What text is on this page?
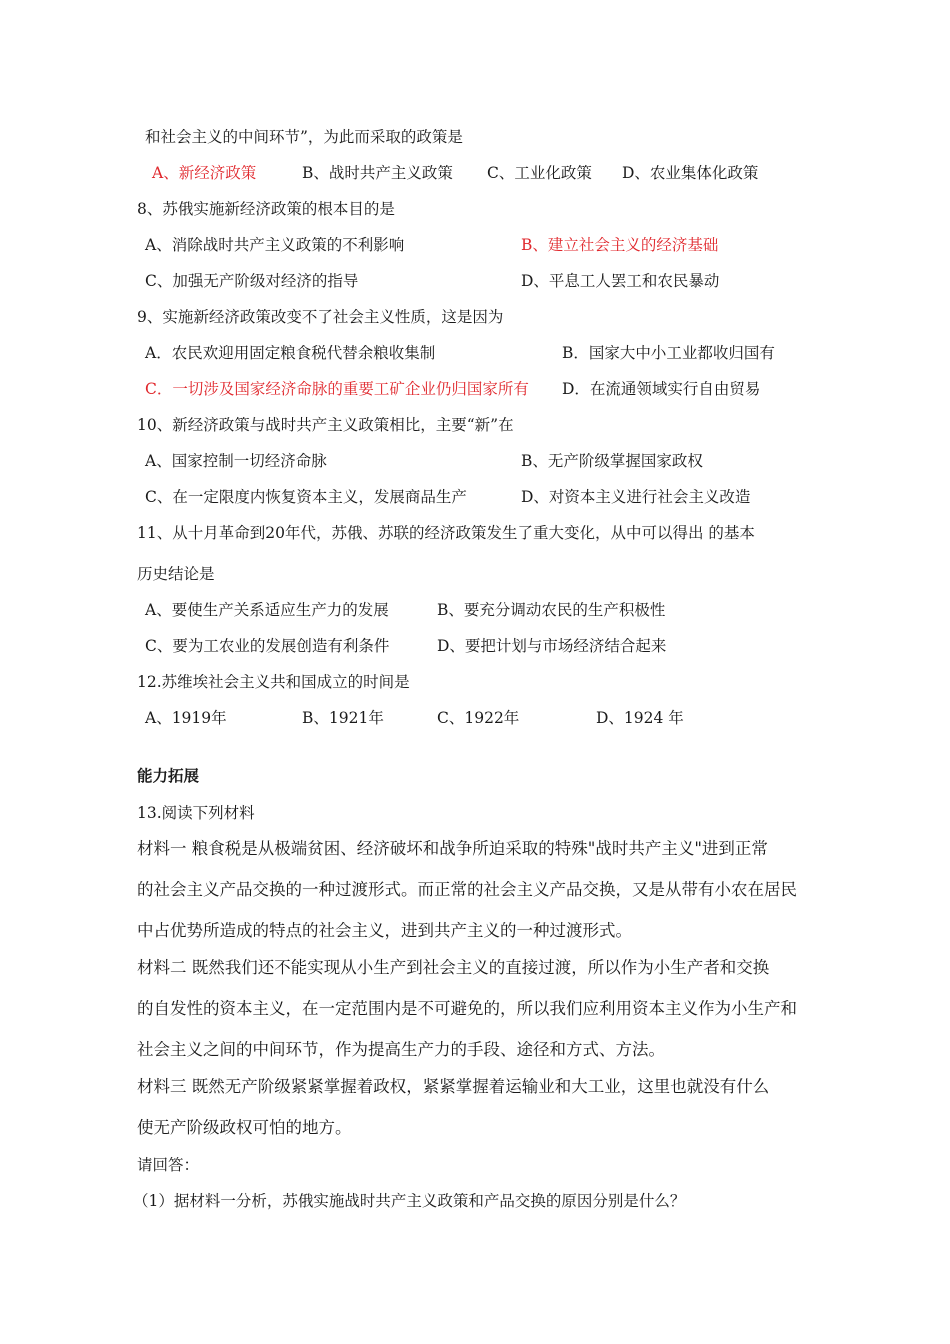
和社会主义的中间环节”，为此而采取的政策是
A、新经济政策	B、战时共产主义政策 C、工业化政策 D、农业集体化政策
8、苏俄实施新经济政策的根本目的是
A、消除战时共产主义政策的不利影响	B、建立社会主义的经济基础
C、加强无产阶级对经济的指导	D、平息工人罢工和农民暴动
9、实施新经济政策改变不了社会主义性质，这是因为
A．农民欢迎用固定粮食税代替余粮收集制	B．国家大中小工业都收归国有
C．一切涉及国家经济命脉的重要工矿企业仍归国家所有 D．在流通领域实行自由贸易
10、新经济政策与战时共产主义政策相比，主要“新”在
A、国家控制一切经济命脉	B、无产阶级掌握国家政权
C、在一定限度内恢复资本主义，发展商品生产	D、对资本主义进行社会主义改造
11、从十月革命到20年代，苏俄、苏联的经济政策发生了重大变化，从中可以得出 的基本
历史结论是
A、要使生产关系适应生产力的发展	B、要充分调动农民的生产积极性
C、要为工农业的发展创造有利条件	D、要把计划与市场经济结合起来
12.苏维埃社会主义共和国成立的时间是
A、1919年	B、1921年	C、1922年	D、1924 年
能力拓展
13.阅读下列材料
材料一 粮食税是从极端贫困、经济破坏和战争所迫采取的特殊"战时共产主义"进到正常
的社会主义产品交换的一种过渡形式。而正常的社会主义产品交换，又是从带有小农在居民
中占优势所造成的特点的社会主义，进到共产主义的一种过渡形式。
材料二 既然我们还不能实现从小生产到社会主义的直接过渡，所以作为小生产者和交换
的自发性的资本主义，在一定范围内是不可避免的，所以我们应利用资本主义作为小生产和
社会主义之间的中间环节，作为提高生产力的手段、途径和方式、方法。
材料三 既然无产阶级紧紧掌握着政权，紧紧掌握着运输业和大工业，这里也就没有什么
使无产阶级政权可怕的地方。
请回答：
（1）据材料一分析，苏俄实施战时共产主义政策和产品交换的原因分别是什么？
